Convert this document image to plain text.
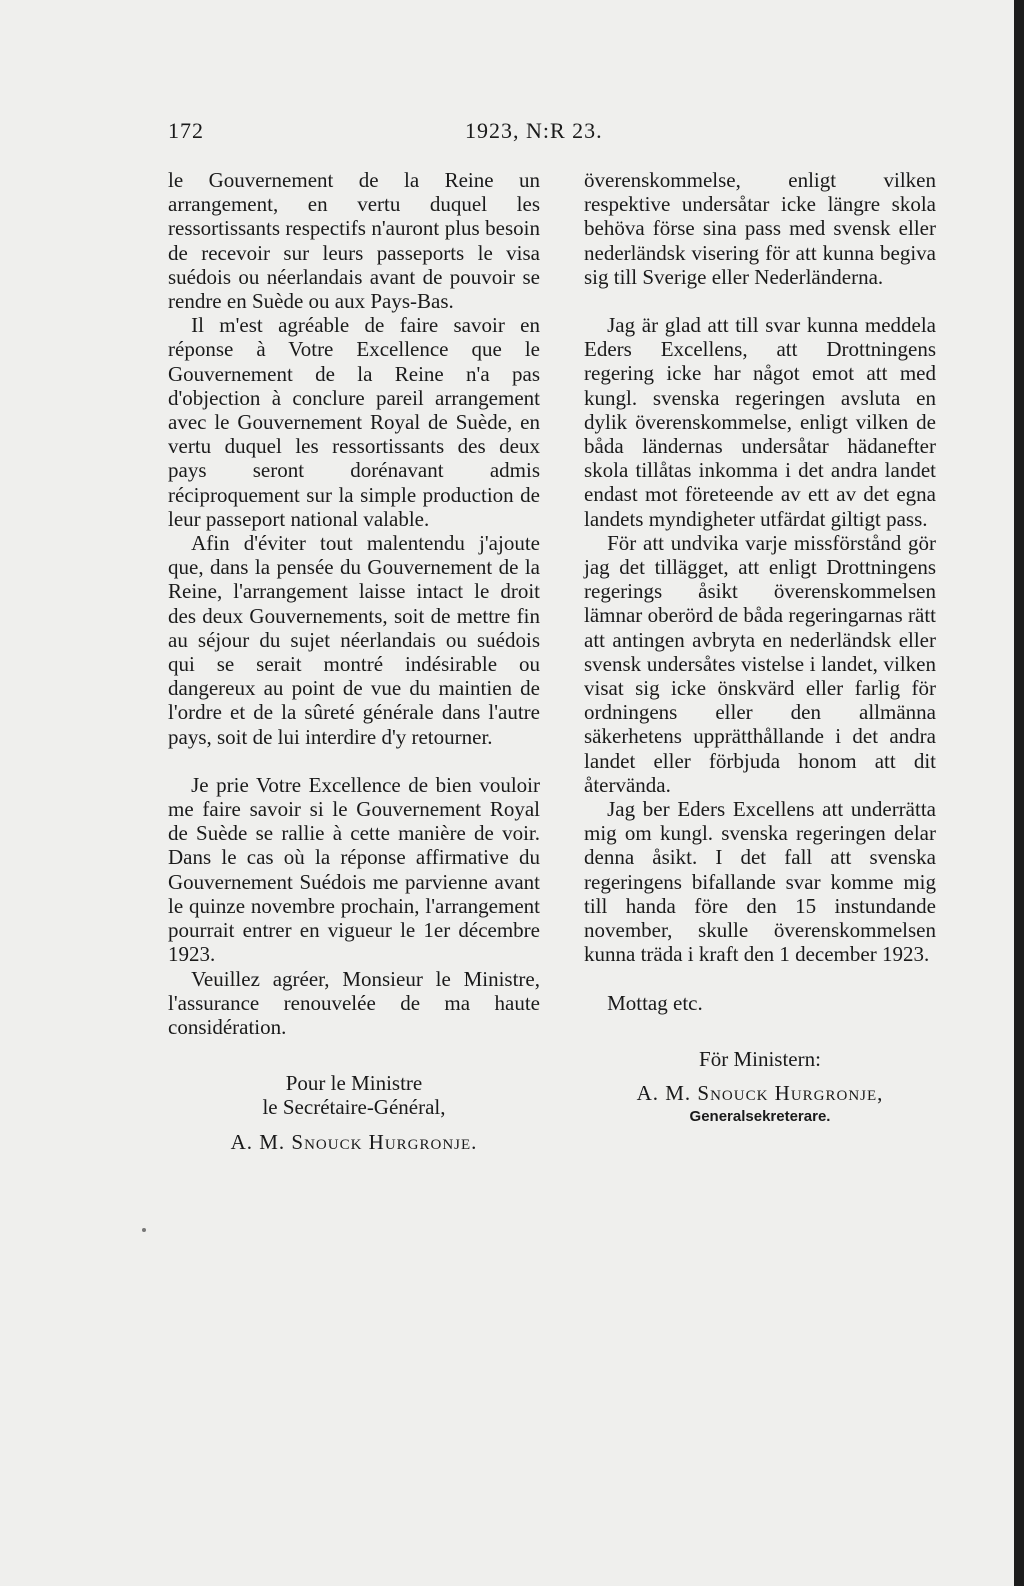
172	1923, N:R 23.

le Gouvernement de la Reine un arrangement, en vertu duquel les ressortissants respectifs n'auront plus besoin de recevoir sur leurs passeports le visa suédois ou néerlandais avant de pouvoir se rendre en Suède ou aux Pays-Bas.

Il m'est agréable de faire savoir en réponse à Votre Excellence que le Gouvernement de la Reine n'a pas d'objection à conclure pareil arrangement avec le Gouvernement Royal de Suède, en vertu duquel les ressortissants des deux pays seront dorénavant admis réciproquement sur la simple production de leur passeport national valable.

Afin d'éviter tout malentendu j'ajoute que, dans la pensée du Gouvernement de la Reine, l'arrangement laisse intact le droit des deux Gouvernements, soit de mettre fin au séjour du sujet néerlandais ou suédois qui se serait montré indésirable ou dangereux au point de vue du maintien de l'ordre et de la sûreté générale dans l'autre pays, soit de lui interdire d'y retourner.

Je prie Votre Excellence de bien vouloir me faire savoir si le Gouvernement Royal de Suède se rallie à cette manière de voir. Dans le cas où la réponse affirmative du Gouvernement Suédois me parvienne avant le quinze novembre prochain, l'arrangement pourrait entrer en vigueur le 1er décembre 1923.

Veuillez agréer, Monsieur le Ministre, l'assurance renouvelée de ma haute considération.

Pour le Ministre

le Secrétaire-Général,

A. M. Snouck Hurgronje.

överenskommelse, enligt vilken respektive undersåtar icke längre skola behöva förse sina pass med svensk eller nederländsk visering för att kunna begiva sig till Sverige eller Nederländerna.

Jag är glad att till svar kunna meddela Eders Excellens, att Drottningens regering icke har något emot att med kungl. svenska regeringen avsluta en dylik överenskommelse, enligt vilken de båda ländernas undersåtar hädanefter skola tillåtas inkomma i det andra landet endast mot företeende av ett av det egna landets myndigheter utfärdat giltigt pass.

För att undvika varje missförstånd gör jag det tillägget, att enligt Drottningens regerings åsikt överenskommelsen lämnar oberörd de båda regeringarnas rätt att antingen avbryta en nederländsk eller svensk undersåtes vistelse i landet, vilken visat sig icke önskvärd eller farlig för ordningens eller den allmänna säkerhetens upprätthållande i det andra landet eller förbjuda honom att dit återvända.

Jag ber Eders Excellens att underrätta mig om kungl. svenska regeringen delar denna åsikt. I det fall att svenska regeringens bifallande svar komme mig till handa före den 15 instundande november, skulle överenskommelsen kunna träda i kraft den 1 december 1923.

Mottag etc.

För Ministern:

A. M. Snouck Hurgronje,

Generalsekreterare.
